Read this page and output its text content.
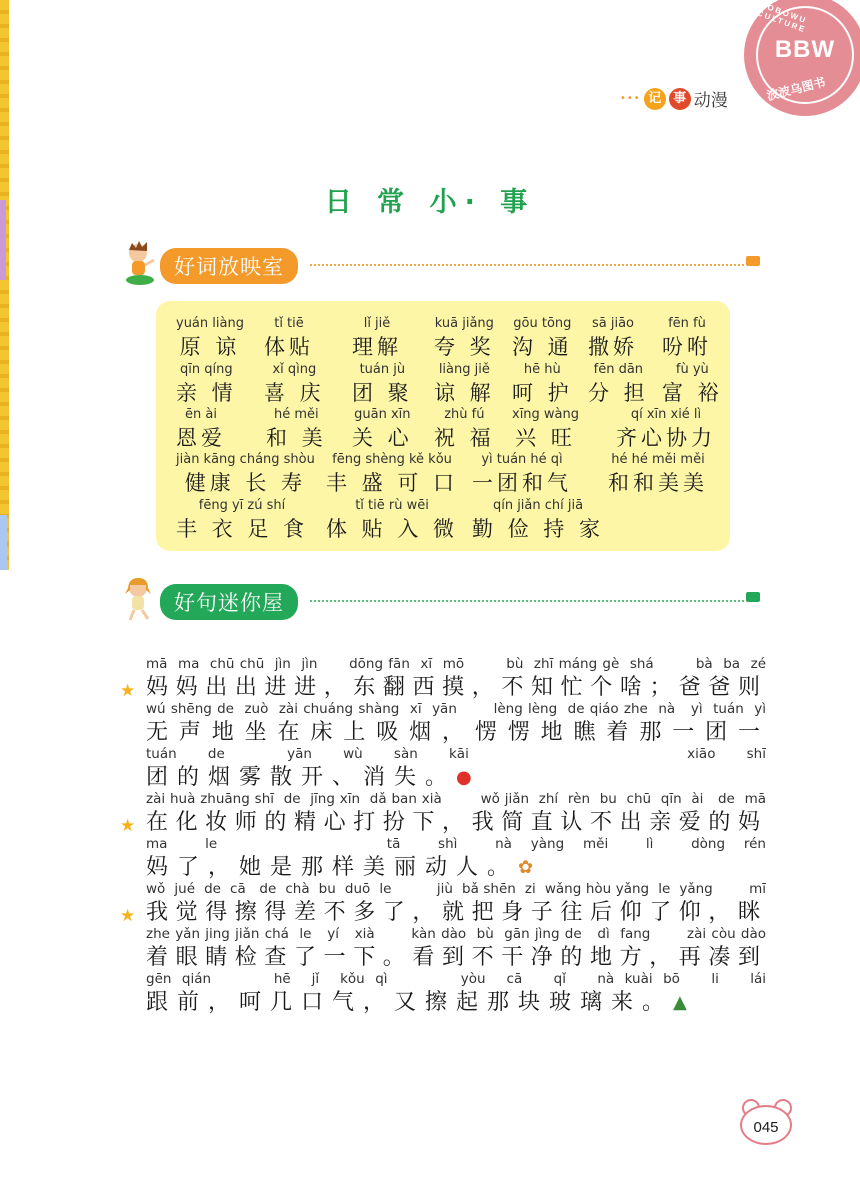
BOBOWU CULTURE
BBW
波波乌图书
••• 记 事 动漫
日 常 小· 事
好词放映室
yuán liàng
原 谅
tǐ tiē
体贴
lǐ jiě
理解
kuā jiǎng
夸 奖
gōu tōng
沟 通
sā jiāo
撒娇
fēn fù
吩咐
qīn qíng
亲 情
xǐ qìng
喜 庆
tuán jù
团 聚
liàng jiě
谅 解
hē hù
呵 护
fēn dān
分 担
fù yù
富 裕
ēn ài
恩爱
hé měi
和 美
guān xīn
关 心
zhù fú
祝 福
xīng wàng
兴 旺
qí xīn xié lì
齐心协力
jiàn kāng cháng shòu
健康 长 寿
fēng shèng kě kǒu
丰 盛 可 口
yì tuán hé qì
一团和气
hé hé měi měi
和和美美
fēng yī zú shí
丰 衣 足 食
tǐ tiē rù wēi
体 贴 入 微
qín jiǎn chí jiā
勤 俭 持 家
好句迷你屋
★
mā  ma  chū chū  jìn  jìn      dōng fān  xī  mō        bù  zhī máng gè  shá        bà  ba  zé
妈 妈 出 出 进 进 ， 东 翻 西 摸 ， 不 知 忙 个 啥 ； 爸 爸 则
wú shēng de  zuò  zài chuáng shàng  xī  yān       lèng lèng  de qiáo zhe  nà   yì  tuán  yì
无 声 地 坐 在 床 上 吸 烟 ， 愣 愣 地 瞧 着 那 一 团 一
tuán de  yān wù sàn kāi       xiāo shī
团的烟雾散开、消失。●
★
zài huà zhuāng shī  de  jīng xīn  dǎ ban xià        wǒ jiǎn  zhí  rèn  bu  chū  qīn  ài   de  mā
在 化 妆 师 的 精 心 打 扮 下 ， 我 简 直 认 不 出 亲 爱 的 妈
ma  le         tā  shì  nà yàng měi  lì  dòng rén
妈了，她是那样美丽动人。✿
★
wǒ  jué  de  cā   de  chà  bu  duō  le          jiù  bǎ shēn  zi  wǎng hòu yǎng  le  yǎng        mī
我 觉 得 擦 得 差 不 多 了 ， 就 把 身 子 往 后 仰 了 仰 ， 眯
zhe yǎn jing jiǎn chá  le   yí   xià       kàn dào  bù  gān jìng de   dì  fang       zài còu dào
着 眼 睛 检 查 了 一 下 。 看 到 不 干 净 的 地 方 ， 再 凑 到
gēn qián      hē  jǐ  kǒu qì       yòu  cā   qǐ   nà kuài bō   li   lái
跟前，呵几口气，又擦起那块玻璃来。▲
045
